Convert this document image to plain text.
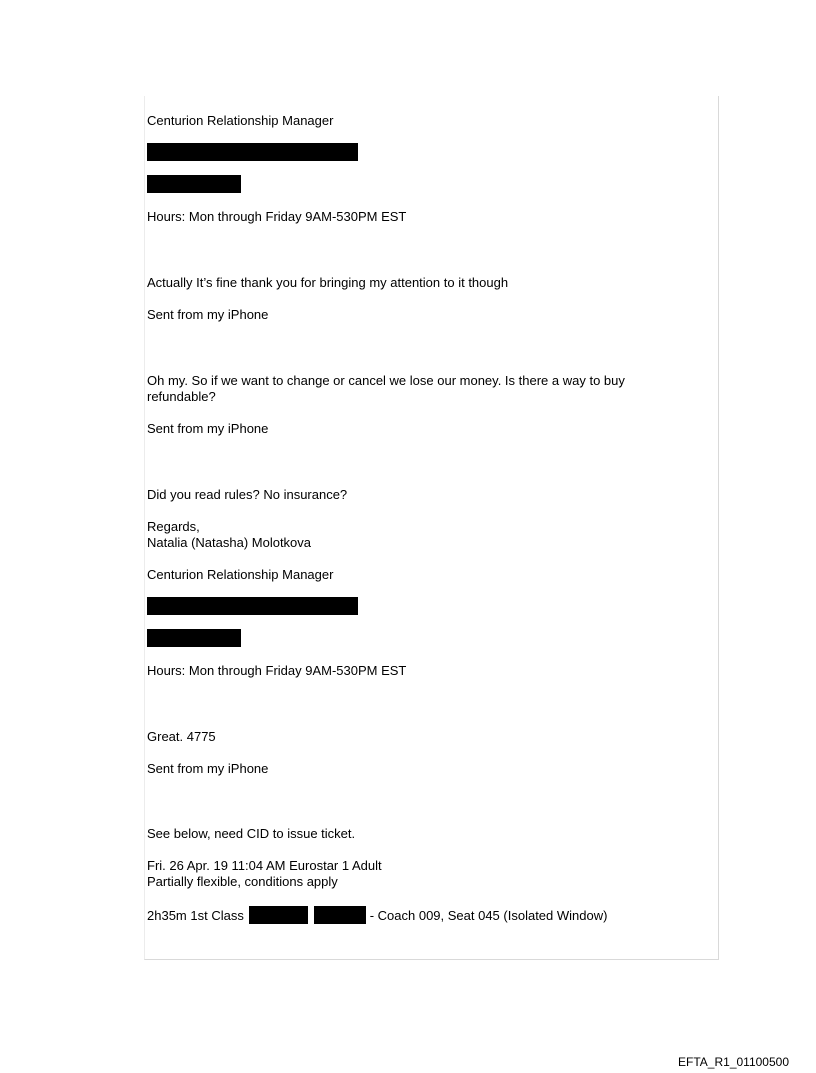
Centurion Relationship Manager
Hours: Mon through Friday 9AM-530PM EST
Actually It’s fine thank you for bringing my attention to it though
Sent from my iPhone
Oh my. So if we want to change or cancel we lose our money. Is there a way to buy
refundable?
Sent from my iPhone
Did you read rules? No insurance?
Regards,
Natalia (Natasha) Molotkova
Centurion Relationship Manager
Hours: Mon through Friday 9AM-530PM EST
Great. 4775
Sent from my iPhone
See below, need CID to issue ticket.
Fri. 26 Apr. 19 11:04 AM Eurostar 1 Adult
Partially flexible, conditions apply
2h35m 1st Class	- Coach 009, Seat 045 (Isolated Window)
EFTA_R1_01100500
